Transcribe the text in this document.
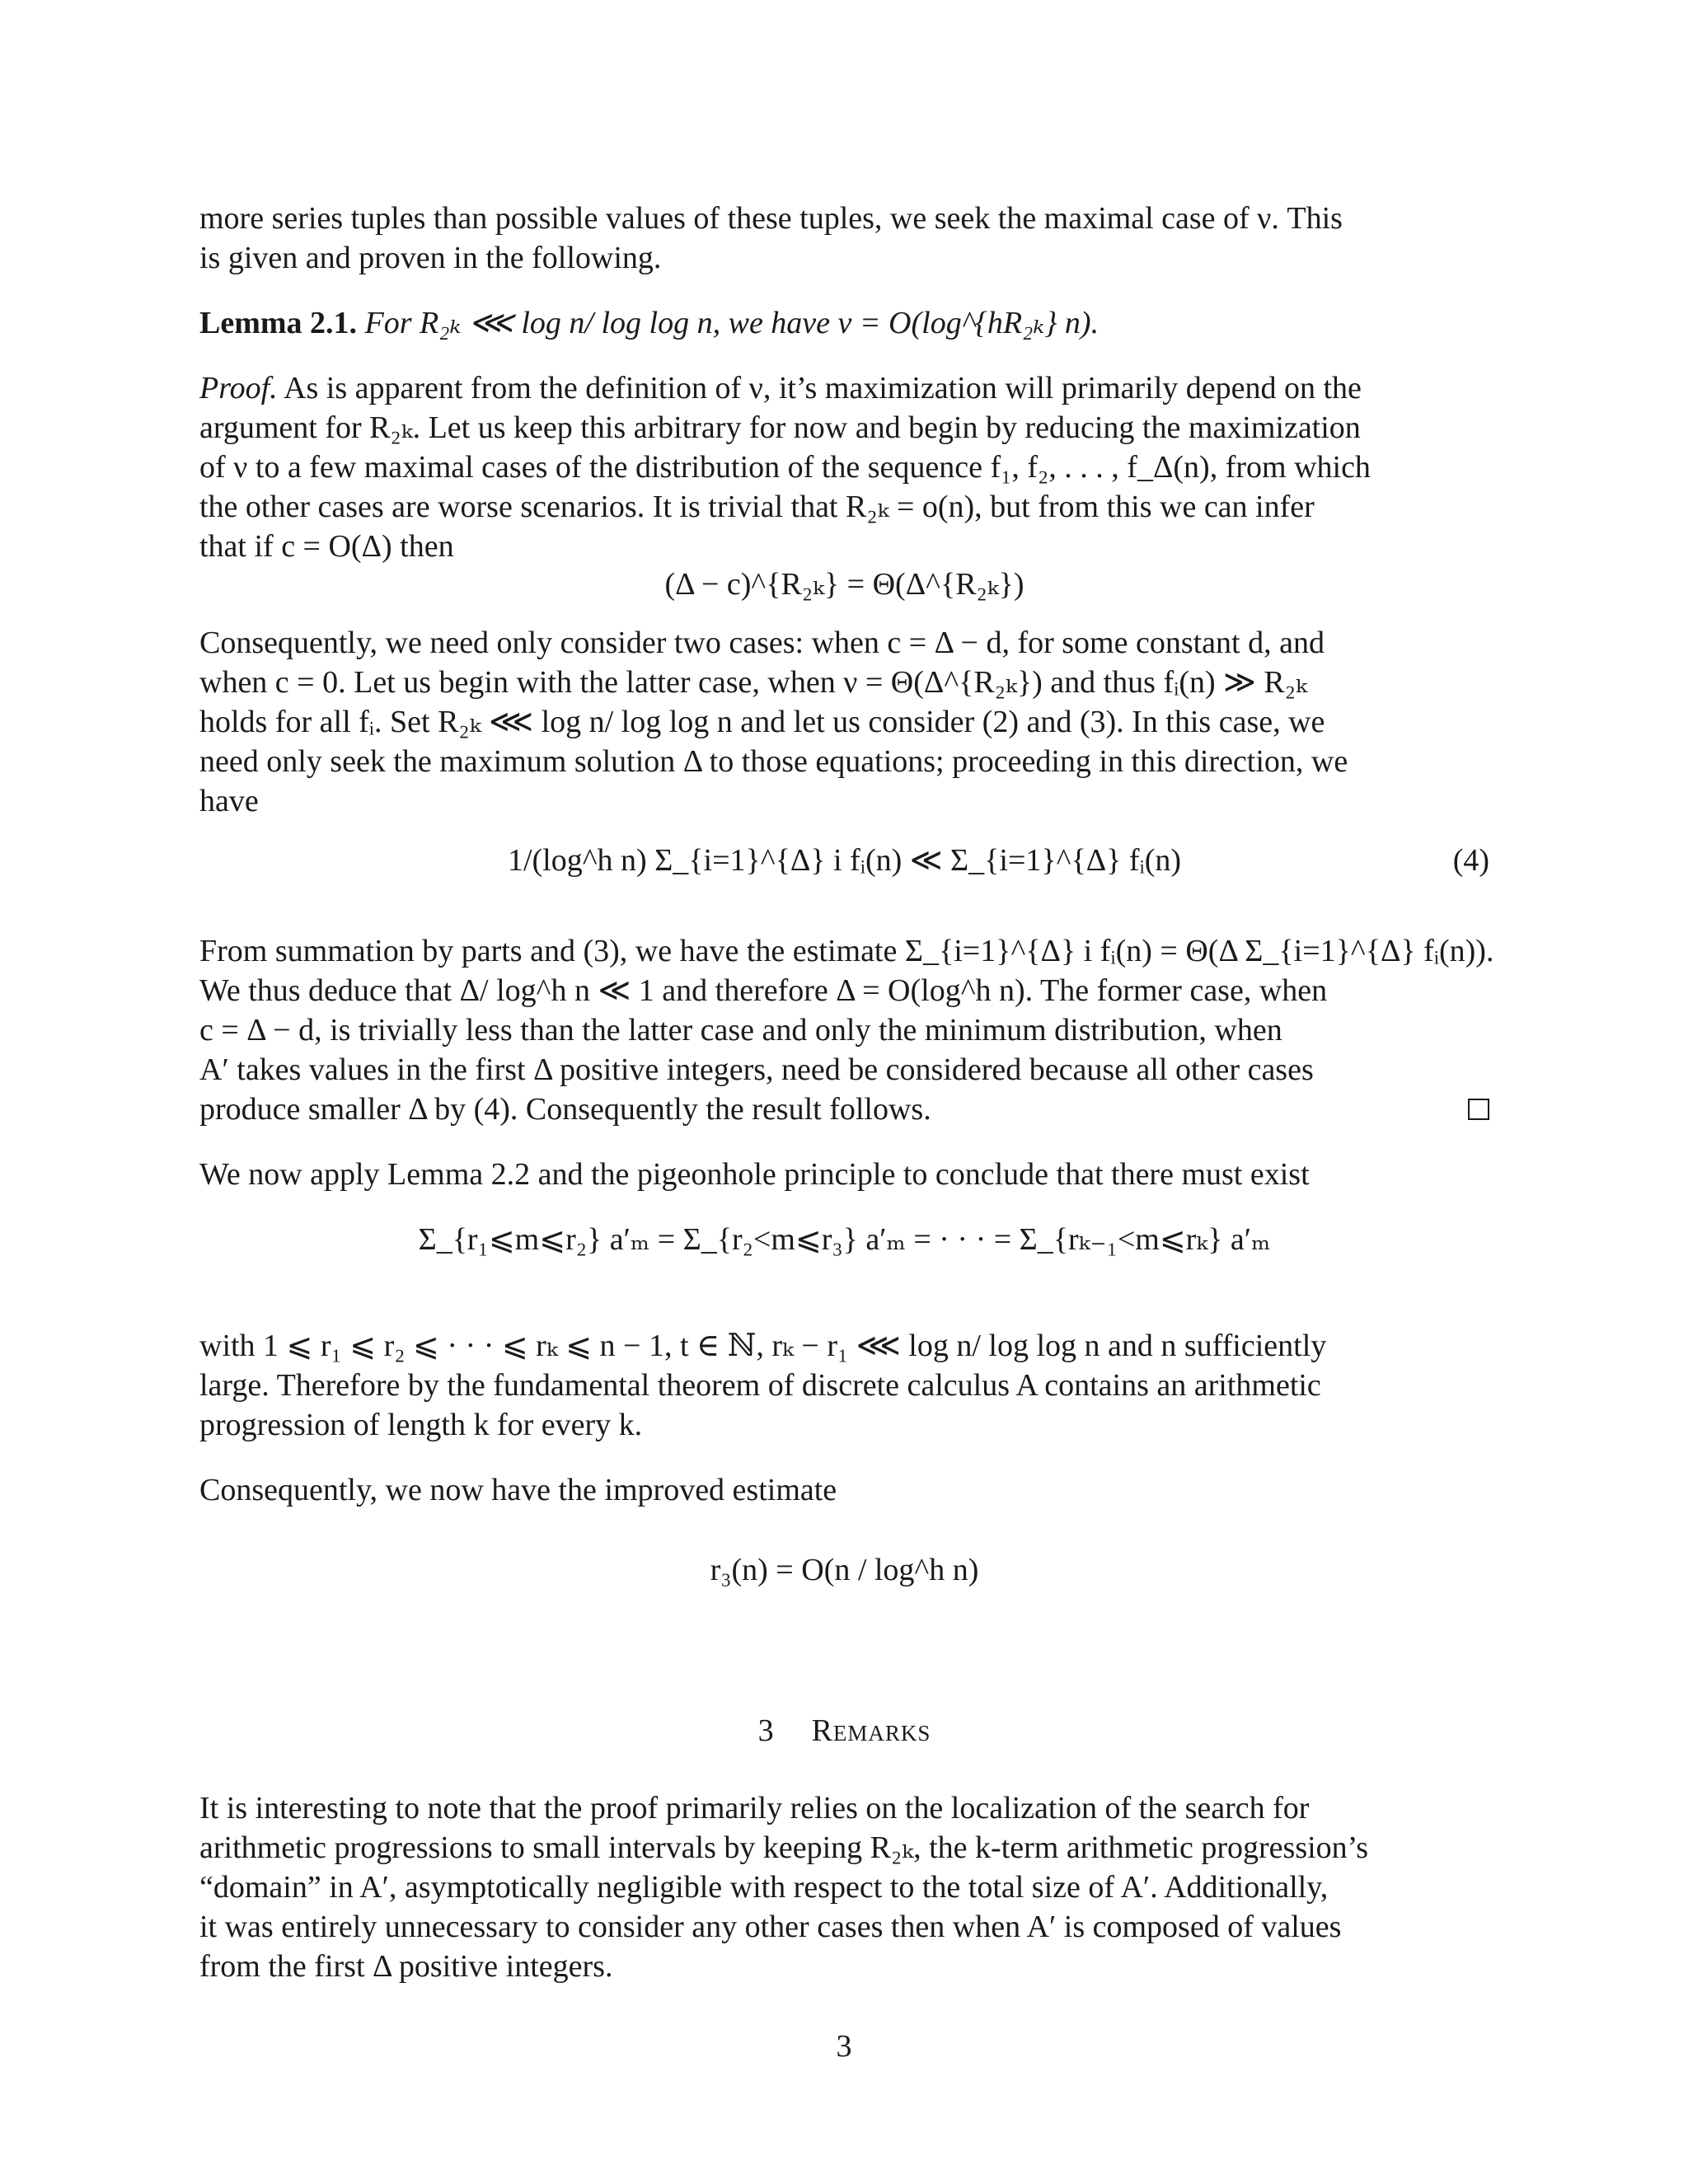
more series tuples than possible values of these tuples, we seek the maximal case of ν. This
is given and proven in the following.
Lemma 2.1. For R₂ₖ ⋘ log n/ log log n, we have ν = O(log^{hR₂ₖ} n).
Proof. As is apparent from the definition of ν, it’s maximization will primarily depend on the
argument for R₂ₖ. Let us keep this arbitrary for now and begin by reducing the maximization
of ν to a few maximal cases of the distribution of the sequence f₁, f₂, . . . , f_Δ(n), from which
the other cases are worse scenarios. It is trivial that R₂ₖ = o(n), but from this we can infer
that if c = O(Δ) then
(Δ − c)^{R₂ₖ} = Θ(Δ^{R₂ₖ})
Consequently, we need only consider two cases: when c = Δ − d, for some constant d, and
when c = 0. Let us begin with the latter case, when ν = Θ(Δ^{R₂ₖ}) and thus fᵢ(n) ≫ R₂ₖ
holds for all fᵢ. Set R₂ₖ ⋘ log n/ log log n and let us consider (2) and (3). In this case, we
need only seek the maximum solution Δ to those equations; proceeding in this direction, we
have
1/(log^h n) Σ_{i=1}^{Δ} i fᵢ(n) ≪ Σ_{i=1}^{Δ} fᵢ(n)	(4)
From summation by parts and (3), we have the estimate Σ_{i=1}^{Δ} i fᵢ(n) = Θ(Δ Σ_{i=1}^{Δ} fᵢ(n)).
We thus deduce that Δ/ log^h n ≪ 1 and therefore Δ = O(log^h n). The former case, when
c = Δ − d, is trivially less than the latter case and only the minimum distribution, when
A′ takes values in the first Δ positive integers, need be considered because all other cases
produce smaller Δ by (4). Consequently the result follows.
We now apply Lemma 2.2 and the pigeonhole principle to conclude that there must exist
Σ_{r₁⩽m⩽r₂} a′ₘ = Σ_{r₂<m⩽r₃} a′ₘ = · · · = Σ_{rₖ₋₁<m⩽rₖ} a′ₘ
with 1 ⩽ r₁ ⩽ r₂ ⩽ · · · ⩽ rₖ ⩽ n − 1, t ∈ ℕ, rₖ − r₁ ⋘ log n/ log log n and n sufficiently
large. Therefore by the fundamental theorem of discrete calculus A contains an arithmetic
progression of length k for every k.
Consequently, we now have the improved estimate
r₃(n) = O(n / log^h n)
3 Remarks
It is interesting to note that the proof primarily relies on the localization of the search for
arithmetic progressions to small intervals by keeping R₂ₖ, the k-term arithmetic progression’s
“domain” in A′, asymptotically negligible with respect to the total size of A′. Additionally,
it was entirely unnecessary to consider any other cases then when A′ is composed of values
from the first Δ positive integers.
3
